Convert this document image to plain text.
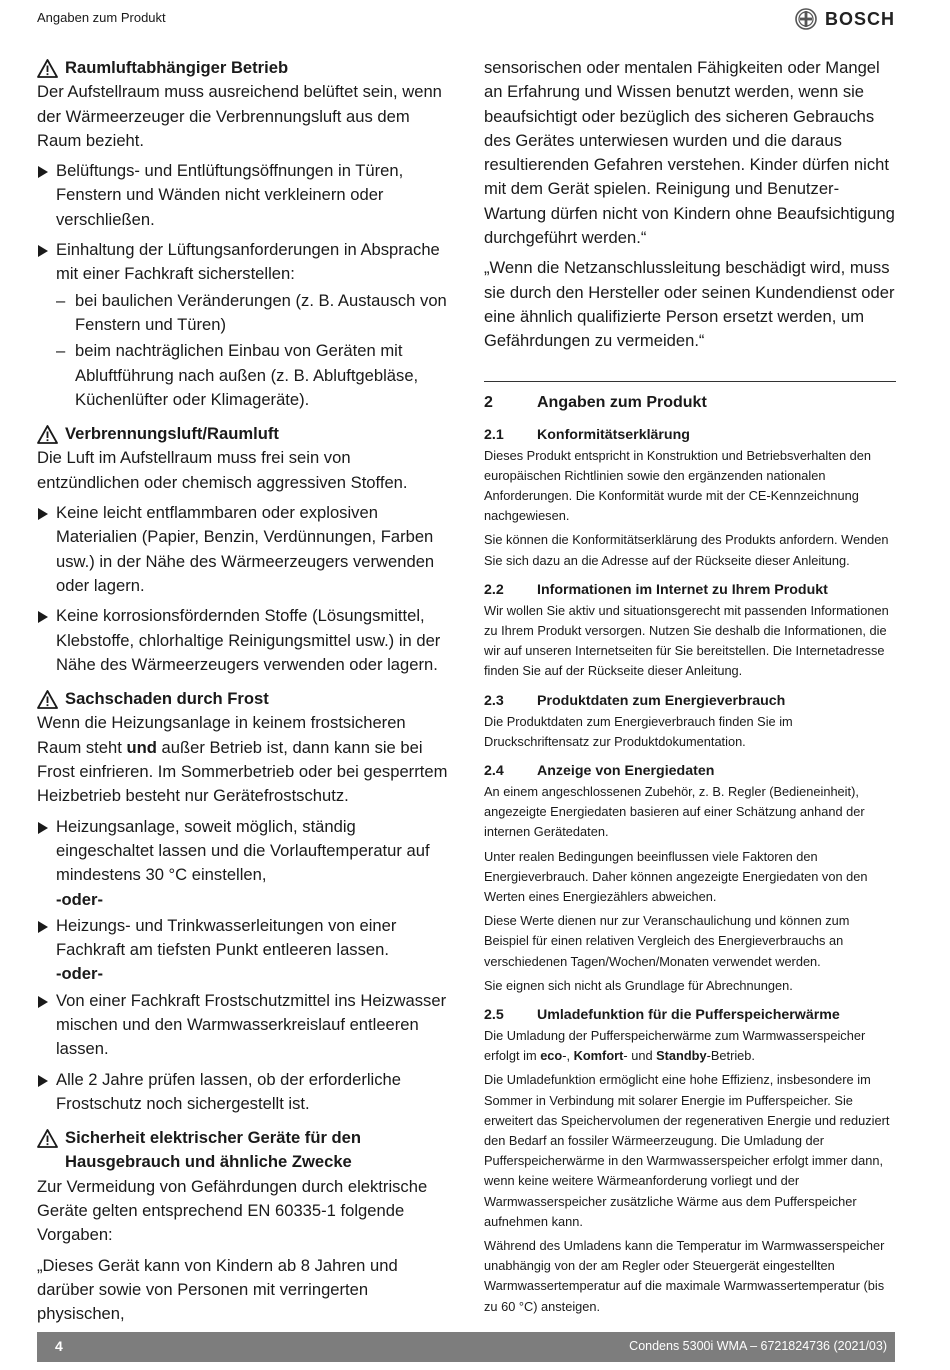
Angaben zum Produkt	BOSCH
Raumluftabhängiger Betrieb

Der Aufstellraum muss ausreichend belüftet sein, wenn der Wärmeerzeuger die Verbrennungsluft aus dem Raum bezieht.

Belüftungs- und Entlüftungsöffnungen in Türen, Fenstern und Wänden nicht verkleinern oder verschließen.
Einhaltung der Lüftungsanforderungen in Absprache mit einer Fachkraft sicherstellen:
– bei baulichen Veränderungen (z. B. Austausch von Fenstern und Türen)
– beim nachträglichen Einbau von Geräten mit Abluftführung nach außen (z. B. Abluftgebläse, Küchenlüfter oder Klimageräte).
Verbrennungsluft/Raumluft

Die Luft im Aufstellraum muss frei sein von entzündlichen oder chemisch aggressiven Stoffen.

Keine leicht entflammbaren oder explosiven Materialien (Papier, Benzin, Verdünnungen, Farben usw.) in der Nähe des Wärmeerzeugers verwenden oder lagern.
Keine korrosionsfördernden Stoffe (Lösungsmittel, Klebstoffe, chlorhaltige Reinigungsmittel usw.) in der Nähe des Wärmeerzeugers verwenden oder lagern.
Sachschaden durch Frost

Wenn die Heizungsanlage in keinem frostsicheren Raum steht und außer Betrieb ist, dann kann sie bei Frost einfrieren. Im Sommerbetrieb oder bei gesperrtem Heizbetrieb besteht nur Gerätefrostschutz.

Heizungsanlage, soweit möglich, ständig eingeschaltet lassen und die Vorlauftemperatur auf mindestens 30 °C einstellen,
-oder-
Heizungs- und Trinkwasserleitungen von einer Fachkraft am tiefsten Punkt entleeren lassen.
-oder-
Von einer Fachkraft Frostschutzmittel ins Heizwasser mischen und den Warmwasserkreislauf entleeren lassen.
Alle 2 Jahre prüfen lassen, ob der erforderliche Frostschutz noch sichergestellt ist.
Sicherheit elektrischer Geräte für den Hausgebrauch und ähnliche Zwecke

Zur Vermeidung von Gefährdungen durch elektrische Geräte gelten entsprechend EN 60335-1 folgende Vorgaben:

„Dieses Gerät kann von Kindern ab 8 Jahren und darüber sowie von Personen mit verringerten physischen,

sensorischen oder mentalen Fähigkeiten oder Mangel an Erfahrung und Wissen benutzt werden, wenn sie beaufsichtigt oder bezüglich des sicheren Gebrauchs des Gerätes unterwiesen wurden und die daraus resultierenden Gefahren verstehen. Kinder dürfen nicht mit dem Gerät spielen. Reinigung und Benutzer-Wartung dürfen nicht von Kindern ohne Beaufsichtigung durchgeführt werden.“

„Wenn die Netzanschlussleitung beschädigt wird, muss sie durch den Hersteller oder seinen Kundendienst oder eine ähnlich qualifizierte Person ersetzt werden, um Gefährdungen zu vermeiden.“

2	Angaben zum Produkt
2.1	Konformitätserklärung

Dieses Produkt entspricht in Konstruktion und Betriebsverhalten den europäischen Richtlinien sowie den ergänzenden nationalen Anforderungen. Die Konformität wurde mit der CE-Kennzeichnung nachgewiesen.

Sie können die Konformitätserklärung des Produkts anfordern. Wenden Sie sich dazu an die Adresse auf der Rückseite dieser Anleitung.

2.2	Informationen im Internet zu Ihrem Produkt

Wir wollen Sie aktiv und situationsgerecht mit passenden Informationen zu Ihrem Produkt versorgen. Nutzen Sie deshalb die Informationen, die wir auf unseren Internetseiten für Sie bereitstellen. Die Internetadresse finden Sie auf der Rückseite dieser Anleitung.

2.3	Produktdaten zum Energieverbrauch

Die Produktdaten zum Energieverbrauch finden Sie im Druckschriftensatz zur Produktdokumentation.

2.4	Anzeige von Energiedaten

An einem angeschlossenen Zubehör, z. B. Regler (Bedieneinheit), angezeigte Energiedaten basieren auf einer Schätzung anhand der internen Gerätedaten.

Unter realen Bedingungen beeinflussen viele Faktoren den Energieverbrauch. Daher können angezeigte Energiedaten von den Werten eines Energiezählers abweichen.

Diese Werte dienen nur zur Veranschaulichung und können zum Beispiel für einen relativen Vergleich des Energieverbrauchs an verschiedenen Tagen/Wochen/Monaten verwendet werden.

Sie eignen sich nicht als Grundlage für Abrechnungen.

2.5	Umladefunktion für die Pufferspeicherwärme

Die Umladung der Pufferspeicherwärme zum Warmwasserspeicher erfolgt im eco-, Komfort- und Standby-Betrieb.

Die Umladefunktion ermöglicht eine hohe Effizienz, insbesondere im Sommer in Verbindung mit solarer Energie im Pufferspeicher. Sie erweitert das Speichervolumen der regenerativen Energie und reduziert den Bedarf an fossiler Wärmeerzeugung. Die Umladung der Pufferspeicherwärme in den Warmwasserspeicher erfolgt immer dann, wenn keine weitere Wärmeanforderung vorliegt und der Warmwasserspeicher zusätzliche Wärme aus dem Pufferspeicher aufnehmen kann.

Während des Umladens kann die Temperatur im Warmwasserspeicher unabhängig von der am Regler oder Steuergerät eingestellten Warmwassertemperatur auf die maximale Warmwassertemperatur (bis zu 60 °C) ansteigen.

4	Condens 5300i WMA – 6721824736 (2021/03)
